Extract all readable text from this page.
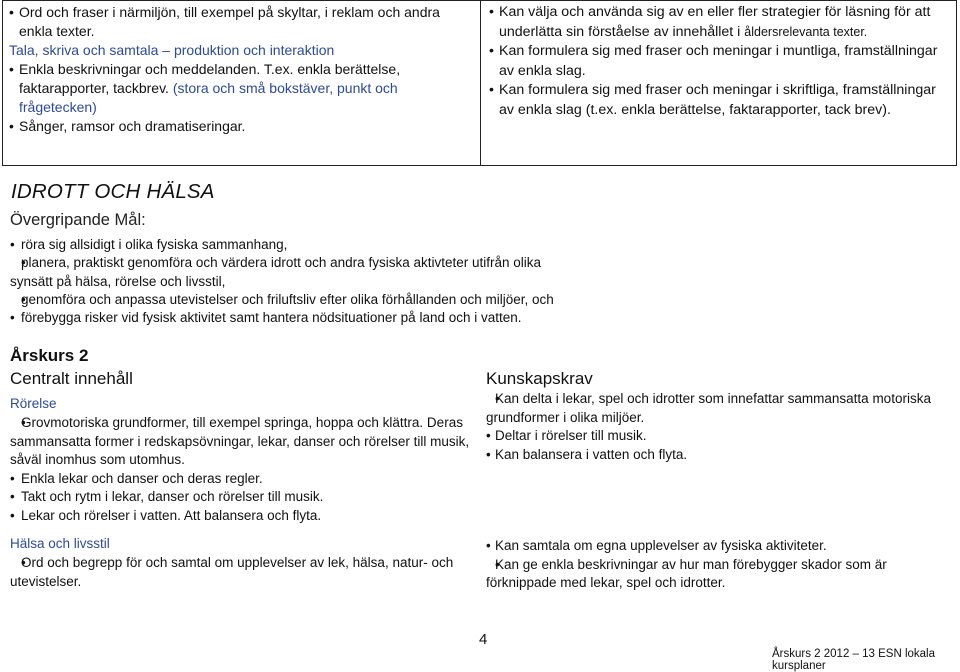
• Ord och fraser i närmiljön, till exempel på skyltar, i reklam och andra enkla texter.
Tala, skriva och samtala – produktion och interaktion
• Enkla beskrivningar och meddelanden. T.ex. enkla berättelse, faktarapporter, tackbrev. (stora och små bokstäver, punkt och frågetecken)
• Sånger, ramsor och dramatiseringar.
• Kan välja och använda sig av en eller fler strategier för läsning för att underlätta sin förståelse av innehållet i åldersrelevanta texter.
• Kan formulera sig med fraser och meningar i muntliga, framställningar av enkla slag.
• Kan formulera sig med fraser och meningar i skriftliga, framställningar av enkla slag (t.ex. enkla berättelse, faktarapporter, tack brev).
IDROTT OCH HÄLSA
Övergripande Mål:
• röra sig allsidigt i olika fysiska sammanhang,
• planera, praktiskt genomföra och värdera idrott och andra fysiska aktivteter utifrån olika synsätt på hälsa, rörelse och livsstil,
• genomföra och anpassa utevistelser och friluftsliv efter olika förhållanden och miljöer, och
• förebygga risker vid fysisk aktivitet samt hantera nödsituationer på land och i vatten.
Årskurs 2
Centralt innehåll	Kunskapskrav
Rörelse
• Grovmotoriska grundformer, till exempel springa, hoppa och klättra. Deras sammansatta former i redskapsövningar, lekar, danser och rörelser till musik, såväl inomhus som utomhus.
• Enkla lekar och danser och deras regler.
• Takt och rytm i lekar, danser och rörelser till musik.
• Lekar och rörelser i vatten. Att balansera och flyta.
• Kan delta i lekar, spel och idrotter som innefattar sammansatta motoriska grundformer i olika miljöer.
• Deltar i rörelser till musik.
• Kan balansera i vatten och flyta.
Hälsa och livsstil
• Ord och begrepp för och samtal om upplevelser av lek, hälsa, natur- och utevistelser.
• Kan samtala om egna upplevelser av fysiska aktiviteter.
• Kan ge enkla beskrivningar av hur man förebygger skador som är förknippade med lekar, spel och idrotter.
4
Årskurs 2 2012 – 13 ESN lokala kursplaner
